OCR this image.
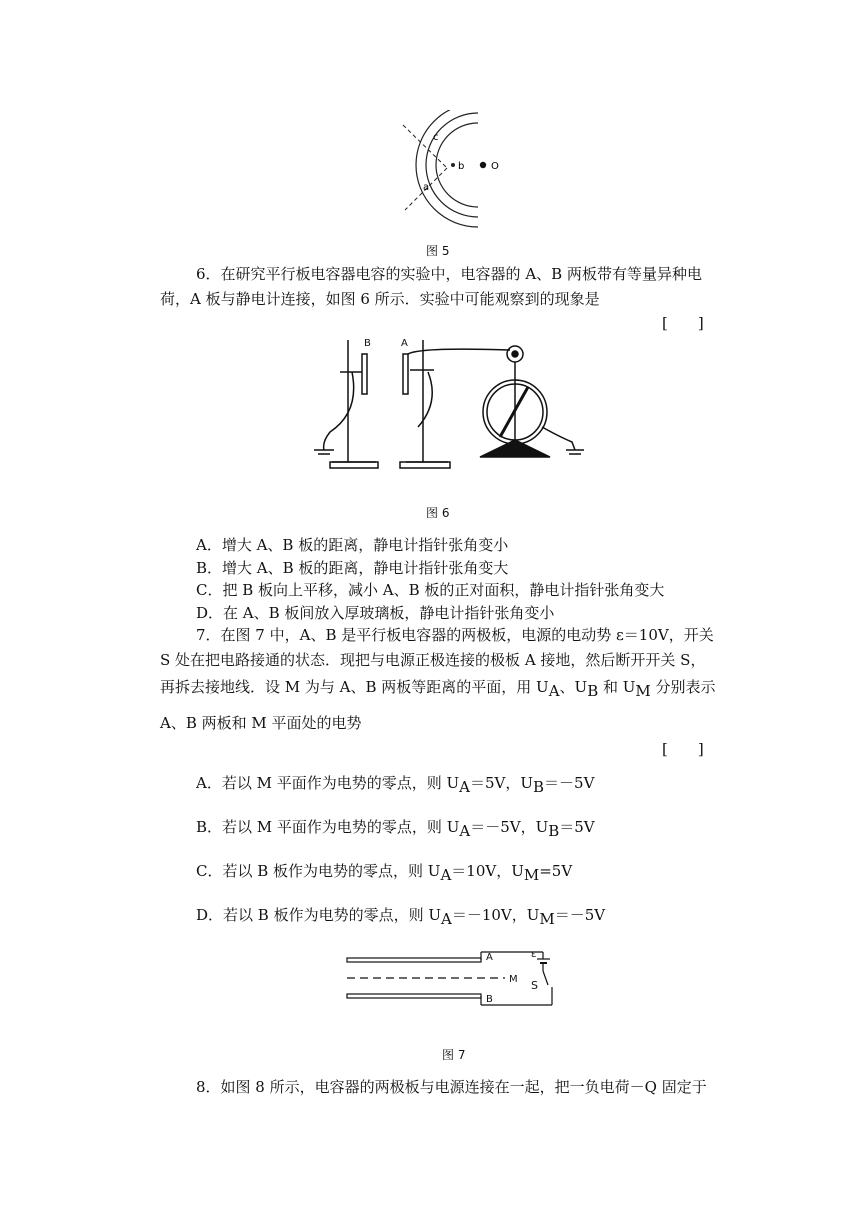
b	O
c
a
图 5
6．在研究平行板电容器电容的实验中，电容器的 A、B 两板带有等量异种电
荷，A 板与静电计连接，如图 6 所示．实验中可能观察到的现象是
[　　]
B	A
图 6
A．增大 A、B 板的距离，静电计指针张角变小
B．增大 A、B 板的距离，静电计指针张角变大
C．把 B 板向上平移，减小 A、B 板的正对面积，静电计指针张角变大
D．在 A、B 板间放入厚玻璃板，静电计指针张角变小
7．在图 7 中，A、B 是平行板电容器的两极板，电源的电动势 ε＝10V，开关
S 处在把电路接通的状态．现把与电源正极连接的极板 A 接地，然后断开开关 S，
再拆去接地线．设 M 为与 A、B 两板等距离的平面，用 $U_A$、$U_B$ 和 $U_M$ 分别表示
A、B 两板和 M 平面处的电势
[　　]
A．若以 M 平面作为电势的零点，则 $U_A=5V$，$U_B=-5V$
B．若以 M 平面作为电势的零点，则 $U_A=-5V$，$U_B=5V$
C．若以 B 板作为电势的零点，则 $U_A=10V$，$U_M=5V$
D．若以 B 板作为电势的零点，则 $U_A=-10V$，$U_M=-5V$
A
B
M
ε
S
图 7
8．如图 8 所示，电容器的两极板与电源连接在一起，把一负电荷－Q 固定于
